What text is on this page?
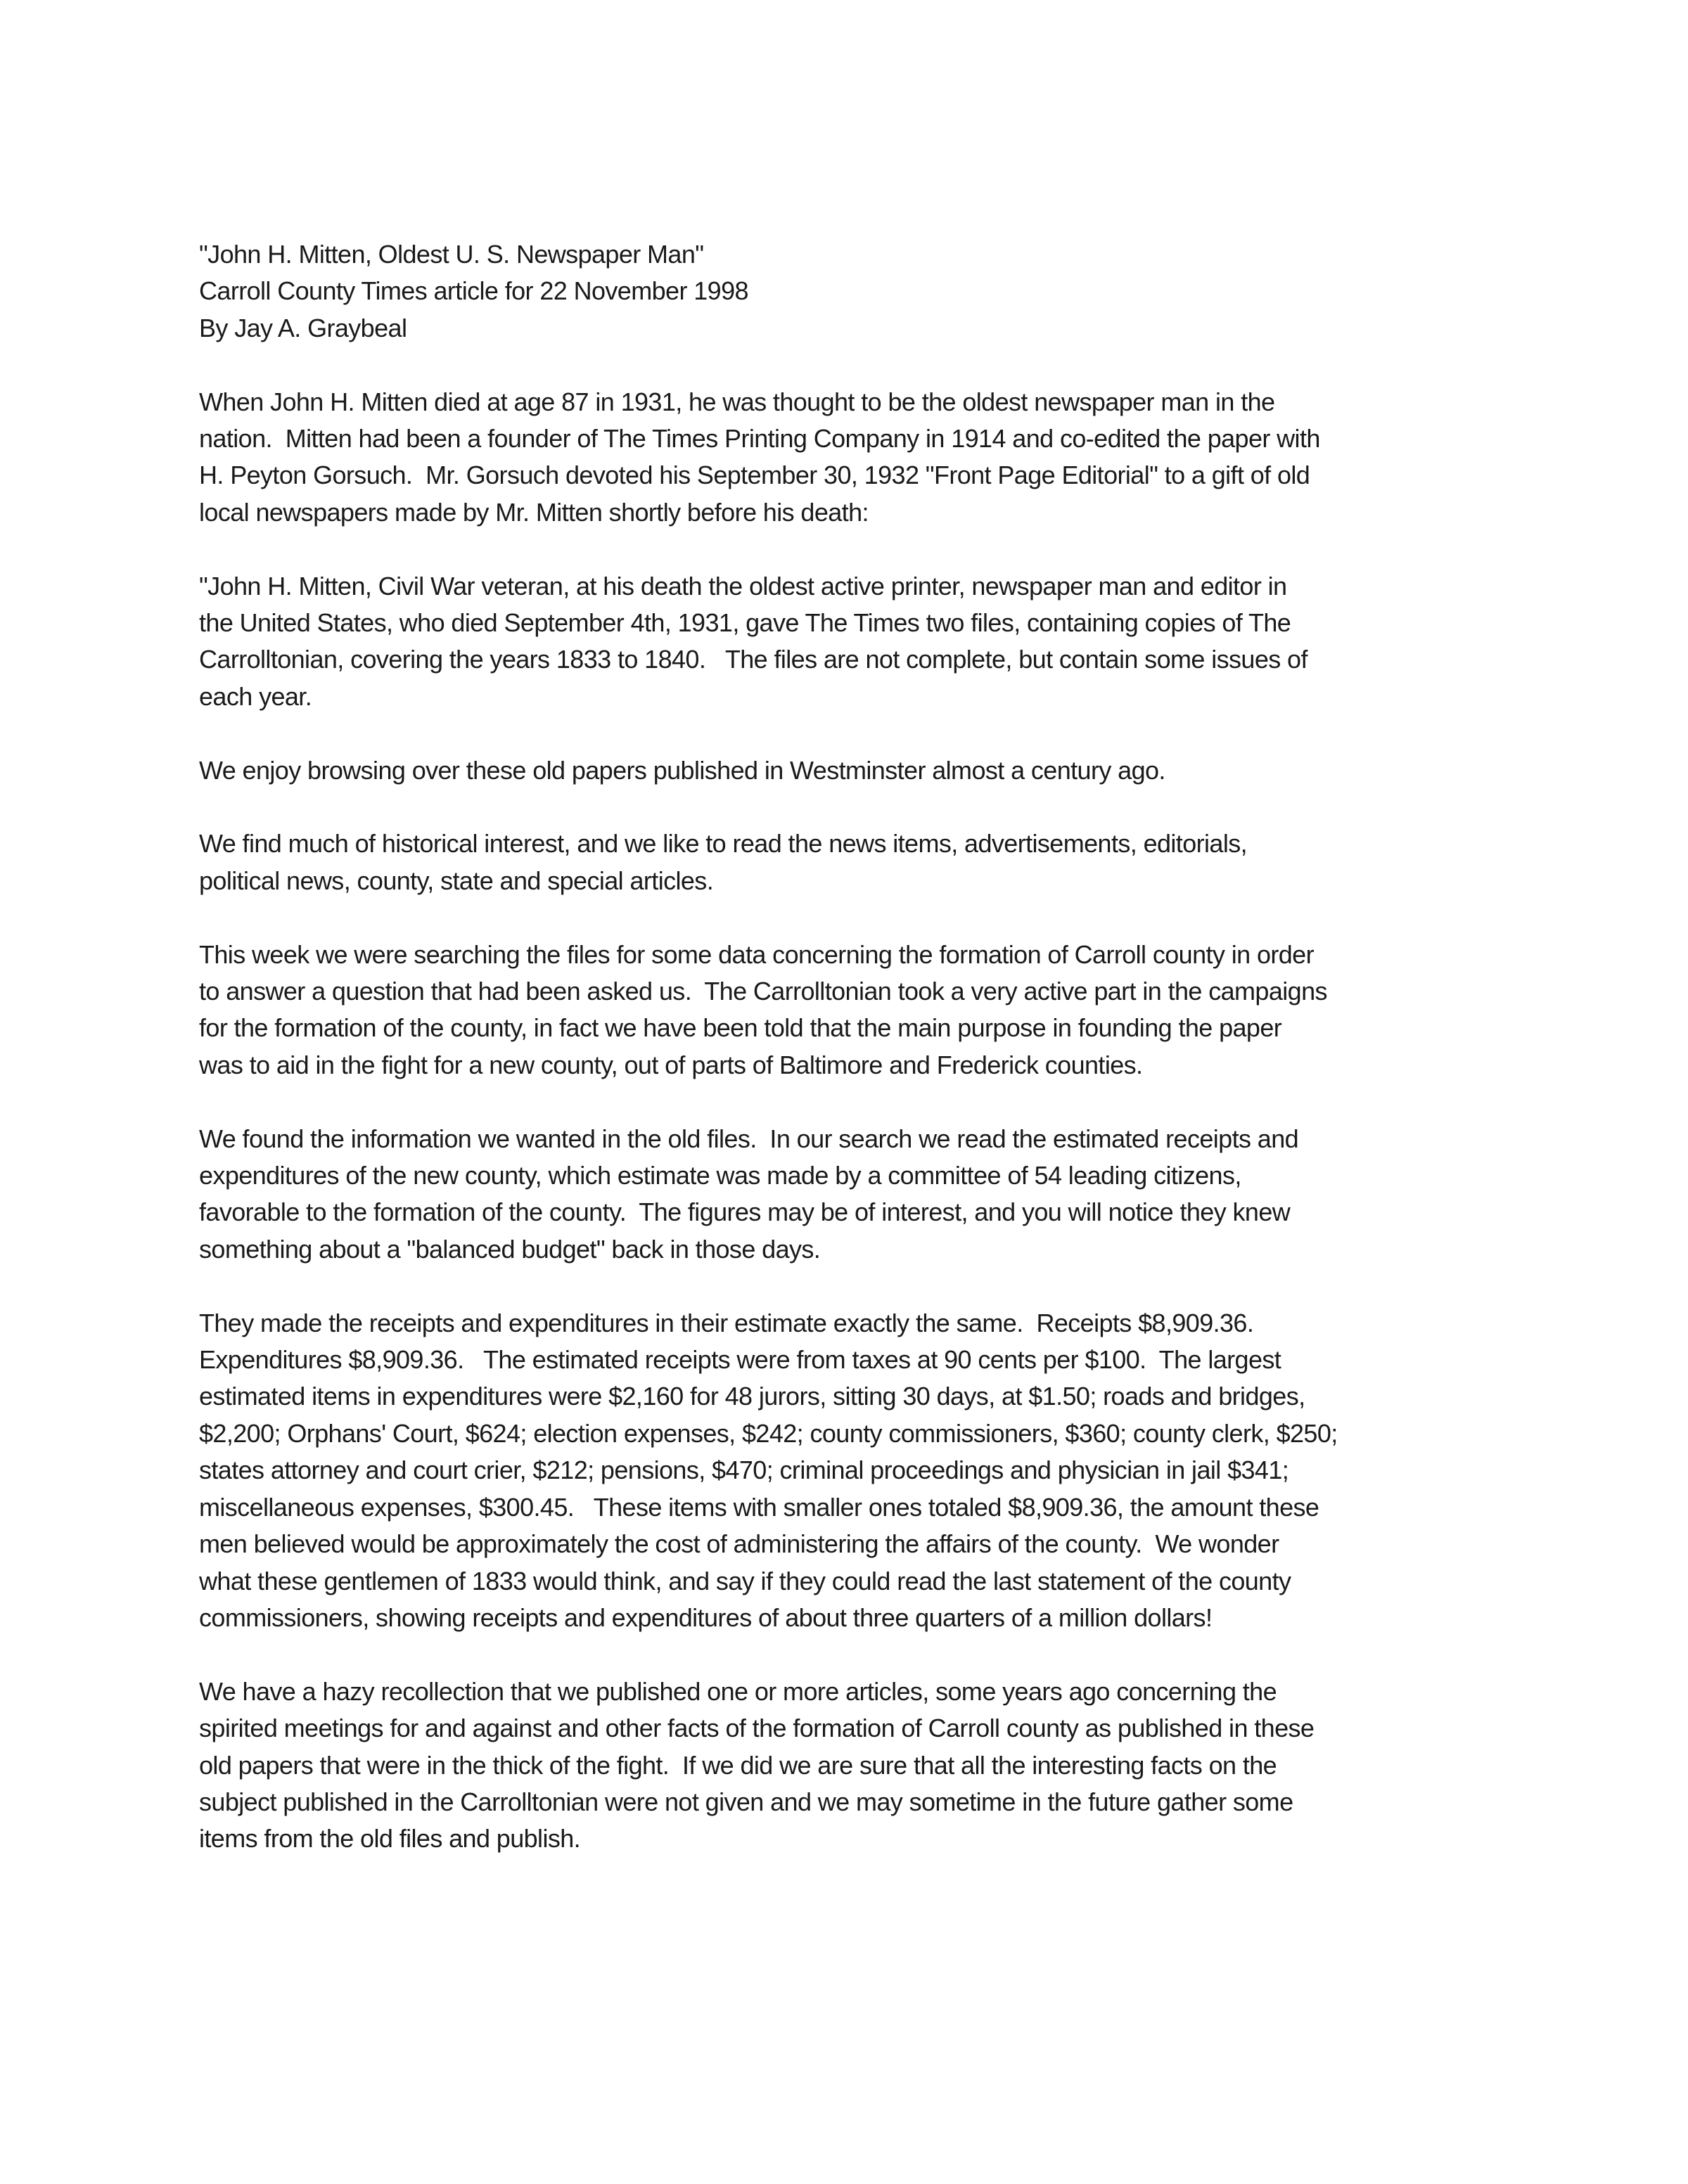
"John H. Mitten, Oldest U. S. Newspaper Man"
Carroll County Times article for 22 November 1998
By Jay A. Graybeal
When John H. Mitten died at age 87 in 1931, he was thought to be the oldest newspaper man in the
nation.  Mitten had been a founder of The Times Printing Company in 1914 and co-edited the paper with
H. Peyton Gorsuch.  Mr. Gorsuch devoted his September 30, 1932 "Front Page Editorial" to a gift of old
local newspapers made by Mr. Mitten shortly before his death:
"John H. Mitten, Civil War veteran, at his death the oldest active printer, newspaper man and editor in
the United States, who died September 4th, 1931, gave The Times two files, containing copies of The
Carrolltonian, covering the years 1833 to 1840.   The files are not complete, but contain some issues of
each year.
We enjoy browsing over these old papers published in Westminster almost a century ago.
We find much of historical interest, and we like to read the news items, advertisements, editorials,
political news, county, state and special articles.
This week we were searching the files for some data concerning the formation of Carroll county in order
to answer a question that had been asked us.  The Carrolltonian took a very active part in the campaigns
for the formation of the county, in fact we have been told that the main purpose in founding the paper
was to aid in the fight for a new county, out of parts of Baltimore and Frederick counties.
We found the information we wanted in the old files.  In our search we read the estimated receipts and
expenditures of the new county, which estimate was made by a committee of 54 leading citizens,
favorable to the formation of the county.  The figures may be of interest, and you will notice they knew
something about a "balanced budget" back in those days.
They made the receipts and expenditures in their estimate exactly the same.  Receipts $8,909.36.
Expenditures $8,909.36.   The estimated receipts were from taxes at 90 cents per $100.  The largest
estimated items in expenditures were $2,160 for 48 jurors, sitting 30 days, at $1.50; roads and bridges,
$2,200; Orphans' Court, $624; election expenses, $242; county commissioners, $360; county clerk, $250;
states attorney and court crier, $212; pensions, $470; criminal proceedings and physician in jail $341;
miscellaneous expenses, $300.45.   These items with smaller ones totaled $8,909.36, the amount these
men believed would be approximately the cost of administering the affairs of the county.  We wonder
what these gentlemen of 1833 would think, and say if they could read the last statement of the county
commissioners, showing receipts and expenditures of about three quarters of a million dollars!
We have a hazy recollection that we published one or more articles, some years ago concerning the
spirited meetings for and against and other facts of the formation of Carroll county as published in these
old papers that were in the thick of the fight.  If we did we are sure that all the interesting facts on the
subject published in the Carrolltonian were not given and we may sometime in the future gather some
items from the old files and publish.
